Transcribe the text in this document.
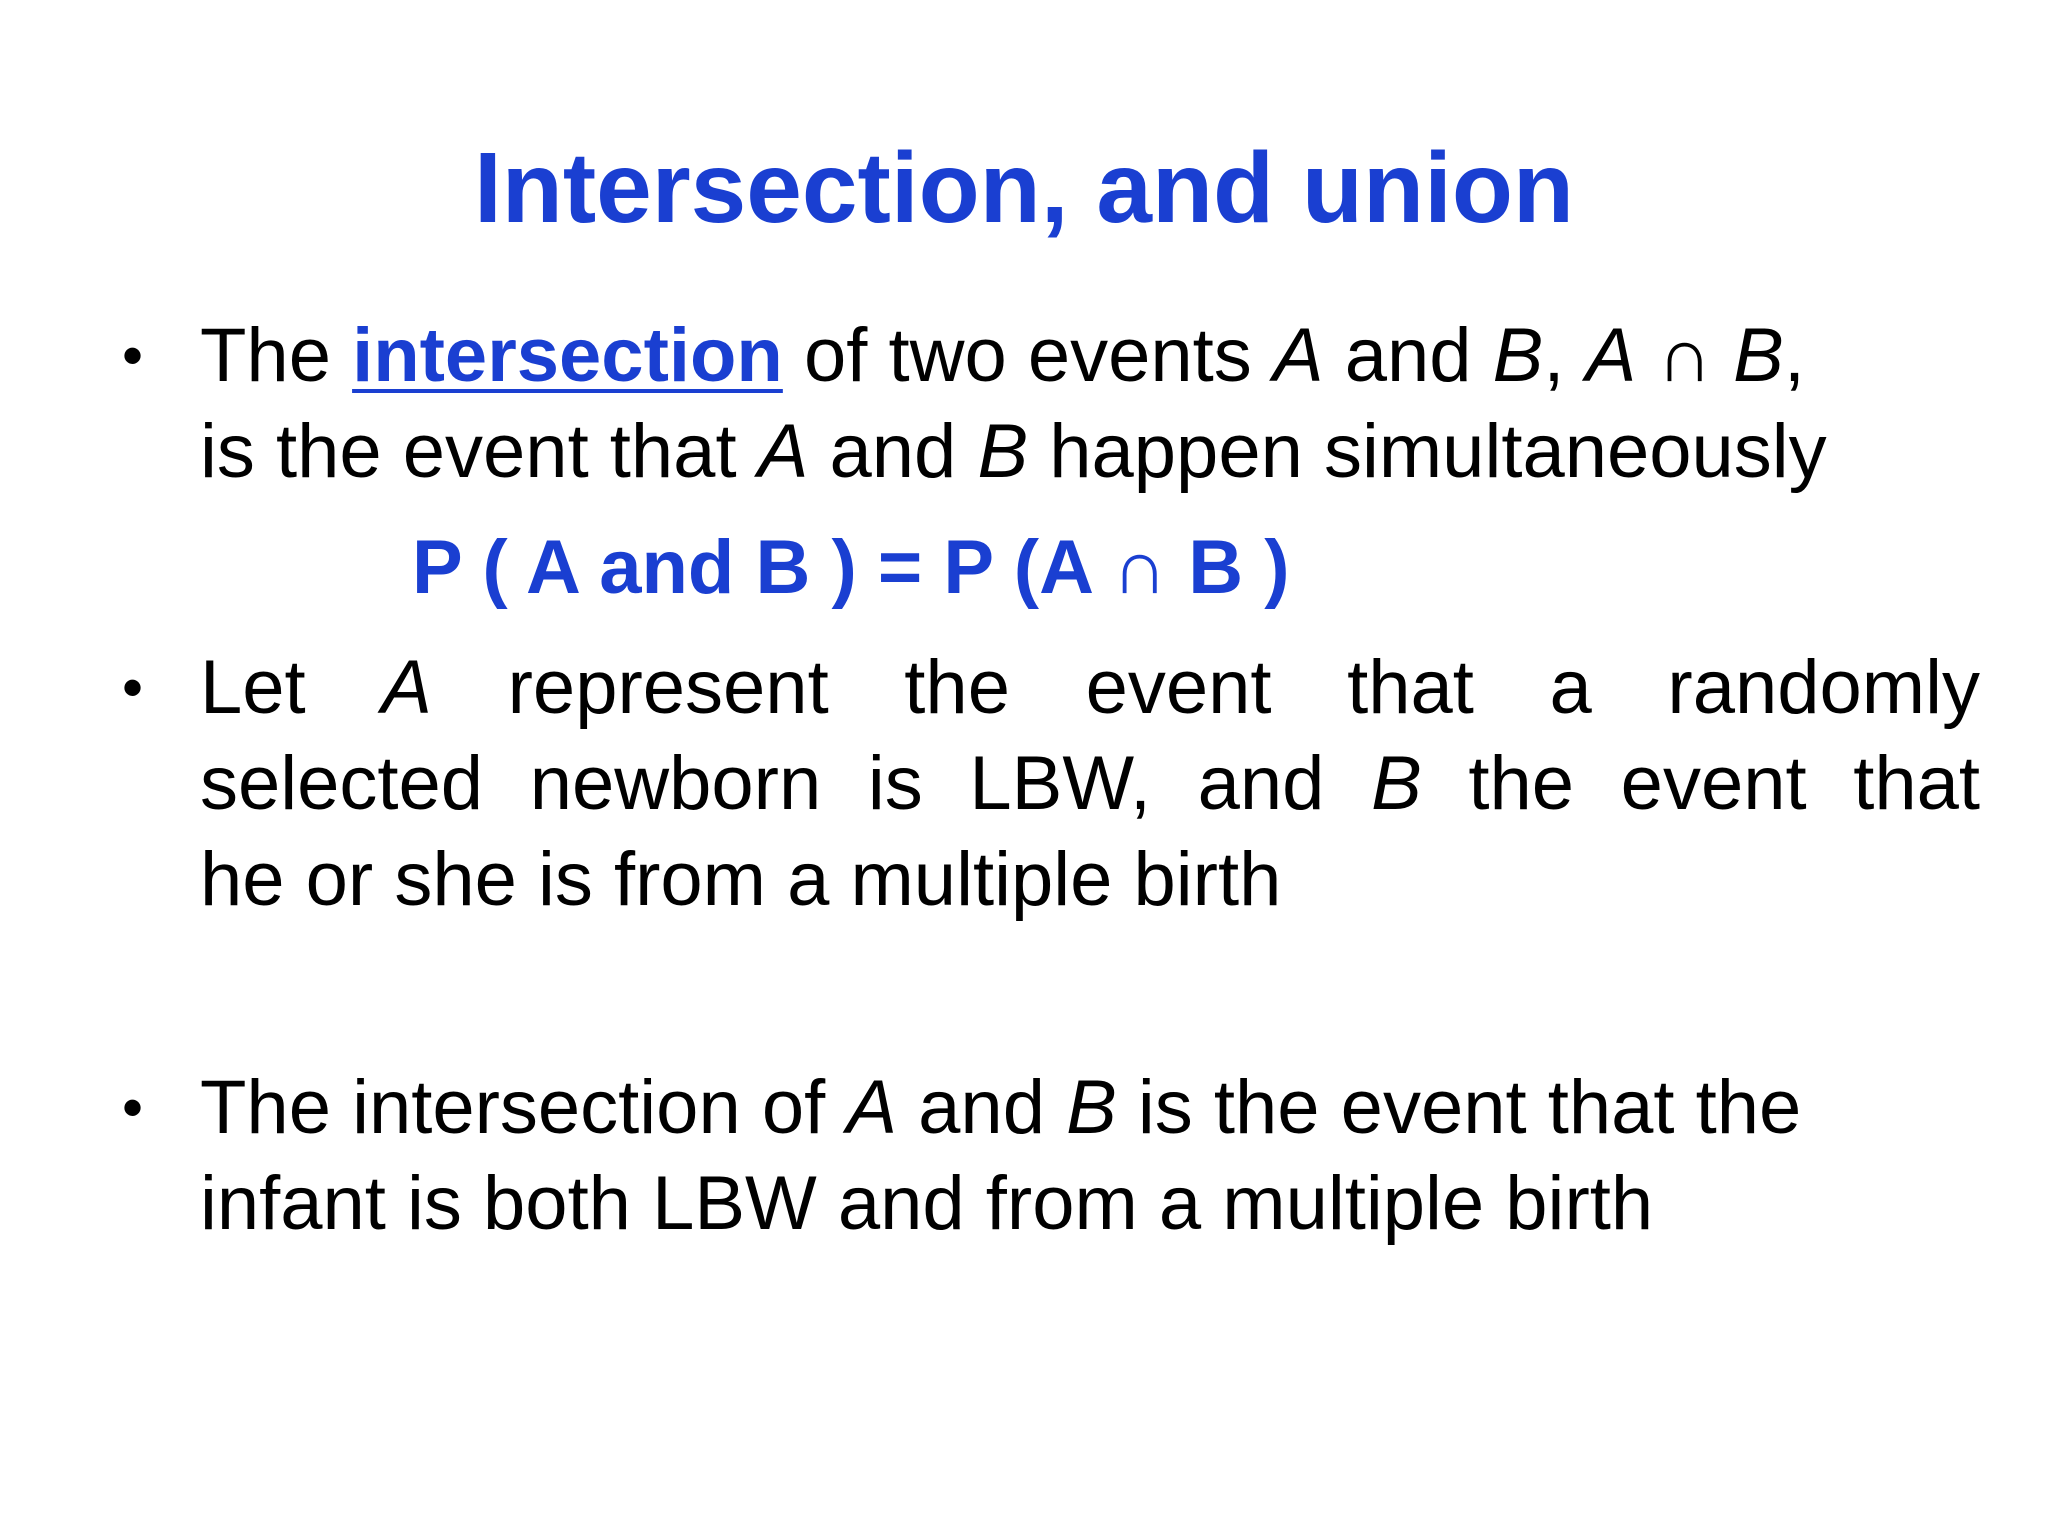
Intersection, and union
• The intersection of two events A and B, A ∩ B,
is the event that A and B happen simultaneously
P ( A and B ) = P (A ∩ B )
• Let A represent the event that a randomly
selected newborn is LBW, and B the event that
he or she is from a multiple birth
• The intersection of A and B is the event that the
infant is both LBW and from a multiple birth
